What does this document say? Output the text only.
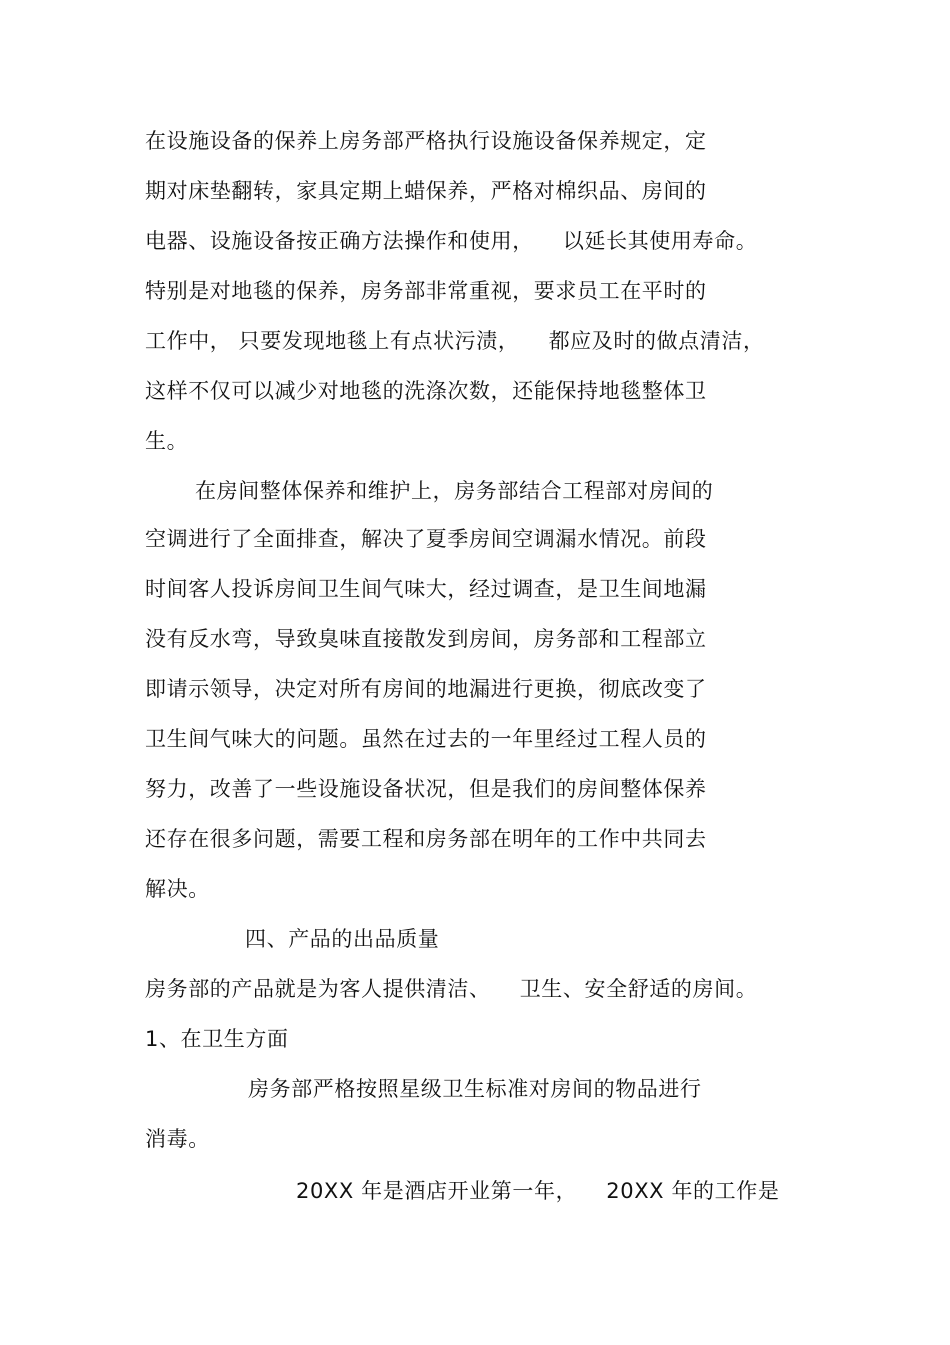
在设施设备的保养上房务部严格执行设施设备保养规定，定
期对床垫翻转，家具定期上蜡保养，严格对棉织品、房间的
电器、设施设备按正确方法操作和使用，    以延长其使用寿命。
特别是对地毯的保养，房务部非常重视，要求员工在平时的
工作中， 只要发现地毯上有点状污渍，    都应及时的做点清洁，
这样不仅可以减少对地毯的洗涤次数，还能保持地毯整体卫
生。
在房间整体保养和维护上，房务部结合工程部对房间的
空调进行了全面排查，解决了夏季房间空调漏水情况。前段
时间客人投诉房间卫生间气味大，经过调查，是卫生间地漏
没有反水弯，导致臭味直接散发到房间，房务部和工程部立
即请示领导，决定对所有房间的地漏进行更换，彻底改变了
卫生间气味大的问题。虽然在过去的一年里经过工程人员的
努力，改善了一些设施设备状况，但是我们的房间整体保养
还存在很多问题，需要工程和房务部在明年的工作中共同去
解决。
四、产品的出品质量
房务部的产品就是为客人提供清洁、    卫生、安全舒适的房间。
1、在卫生方面
房务部严格按照星级卫生标准对房间的物品进行
消毒。
20XX 年是酒店开业第一年，    20XX 年的工作是
